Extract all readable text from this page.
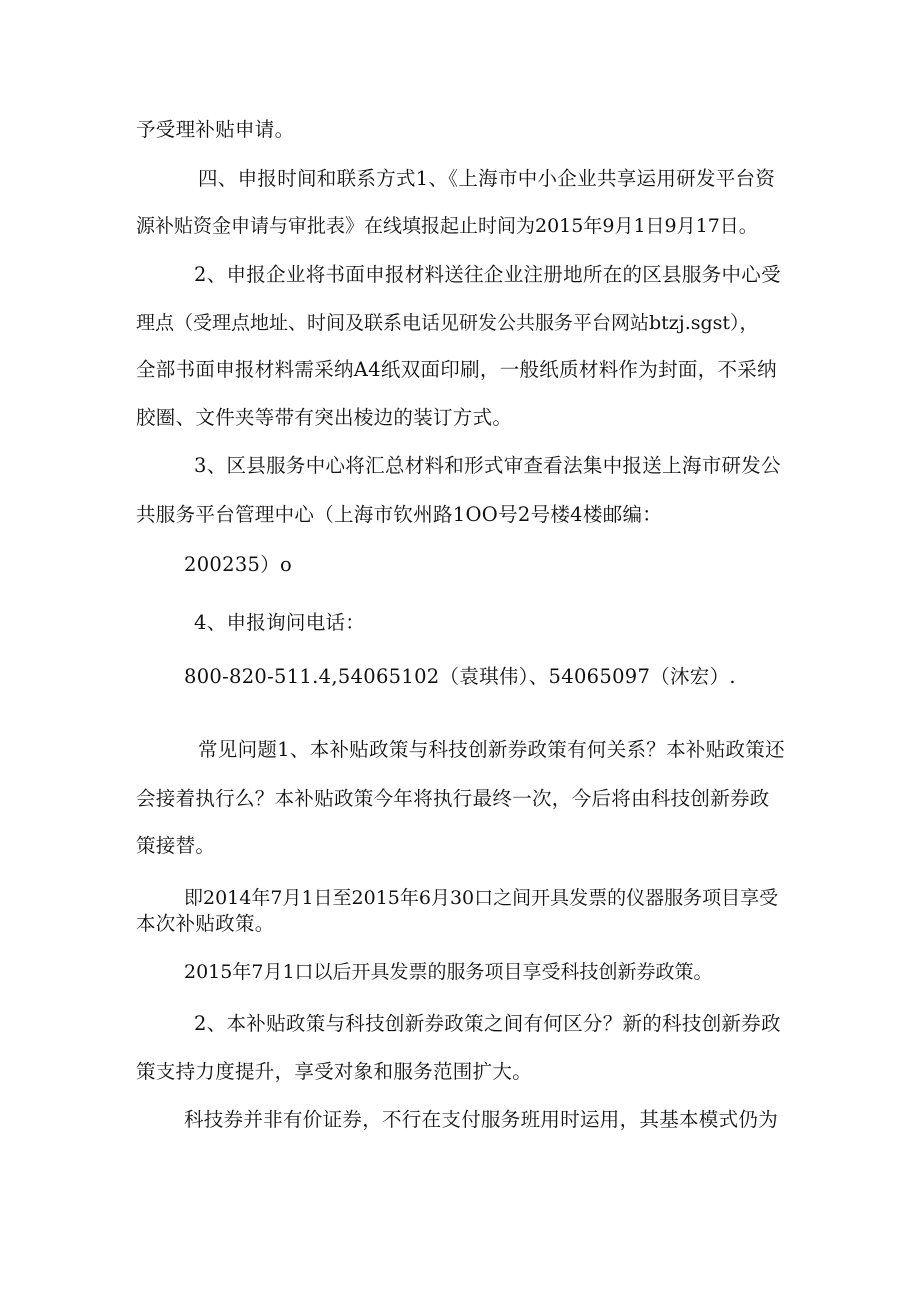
予受理补贴申请。
四、申报时间和联系方式1、《上海市中小企业共享运用研发平台资
源补贴资金申请与审批表》在线填报起止时间为2015年9月1日9月17日。
2、申报企业将书面申报材料送往企业注册地所在的区县服务中心受
理点（受理点地址、时间及联系电话见研发公共服务平台网站btzj.sgst），
全部书面申报材料需采纳A4纸双面印刷，一般纸质材料作为封面，不采纳
胶圈、文件夹等带有突出棱边的装订方式。
3、区县服务中心将汇总材料和形式审查看法集中报送上海市研发公
共服务平台管理中心（上海市钦州路1OO号2号楼4楼邮编：
200235）o
4、申报询问电话：
800-820-511.4,54065102（袁琪伟）、54065097（沐宏）.
常见问题1、本补贴政策与科技创新券政策有何关系？本补贴政策还
会接着执行么？本补贴政策今年将执行最终一次，今后将由科技创新券政
策接替。
即2014年7月1日至2015年6月30口之间开具发票的仪器服务项目享受
本次补贴政策。
2015年7月1口以后开具发票的服务项目享受科技创新券政策。
2、本补贴政策与科技创新券政策之间有何区分？新的科技创新券政
策支持力度提升，享受对象和服务范围扩大。
科技券并非有价证券，不行在支付服务班用时运用，其基本模式仍为
